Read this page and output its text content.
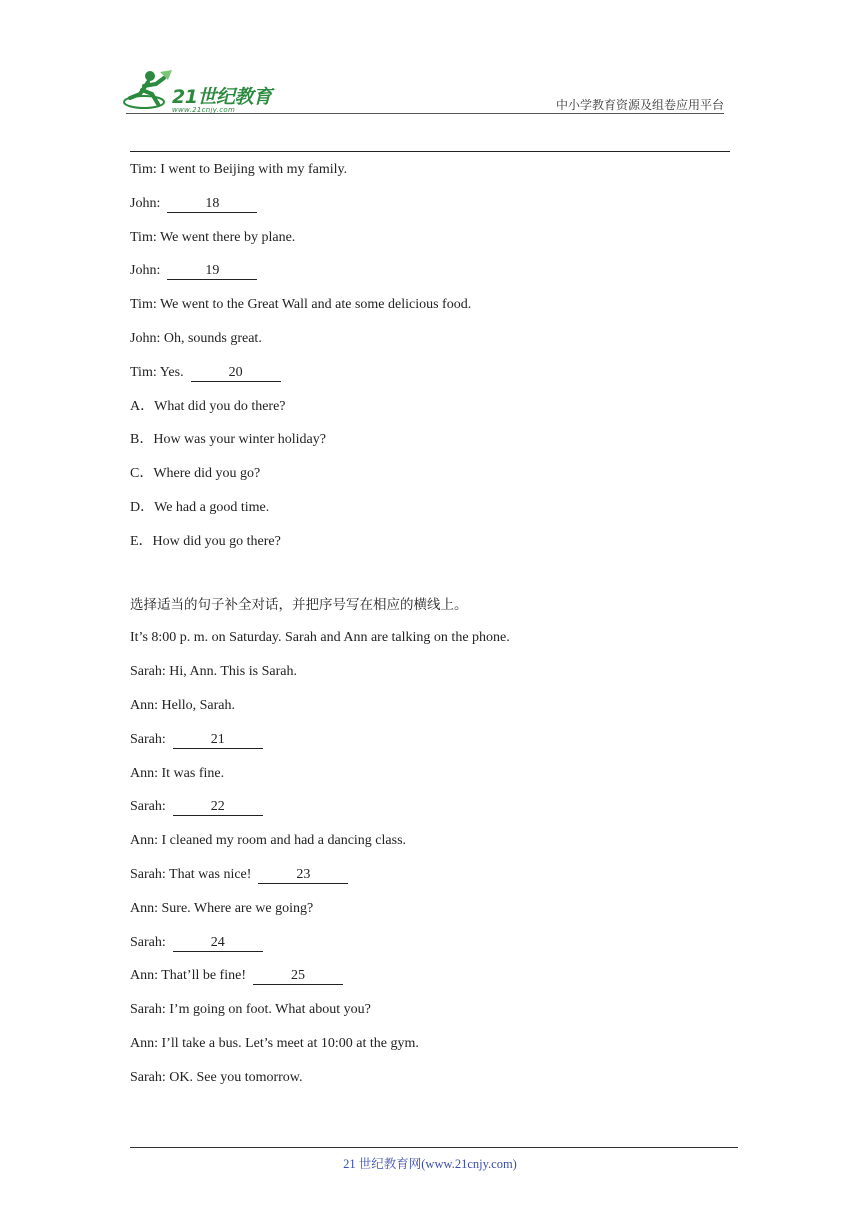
21世纪教育
www.21cnjy.com	中小学教育资源及组卷应用平台
Tim: I went to Beijing with my family.
John:	18
Tim: We went there by plane.
John:	19
Tim: We went to the Great Wall and ate some delicious food.
John: Oh, sounds great.
Tim: Yes.	20
A．What did you do there?
B．How was your winter holiday?
C．Where did you go?
D．We had a good time.
E．How did you go there?
选择适当的句子补全对话，并把序号写在相应的横线上。
It’s 8:00 p. m. on Saturday. Sarah and Ann are talking on the phone.
Sarah: Hi, Ann. This is Sarah.
Ann: Hello, Sarah.
Sarah:	21
Ann: It was fine.
Sarah:	22
Ann: I cleaned my room and had a dancing class.
Sarah: That was nice!	23
Ann: Sure. Where are we going?
Sarah:	24
Ann: That’ll be fine!	25
Sarah: I’m going on foot. What about you?
Ann: I’ll take a bus. Let’s meet at 10:00 at the gym.
Sarah: OK. See you tomorrow.
21 世纪教育网(www.21cnjy.com)
